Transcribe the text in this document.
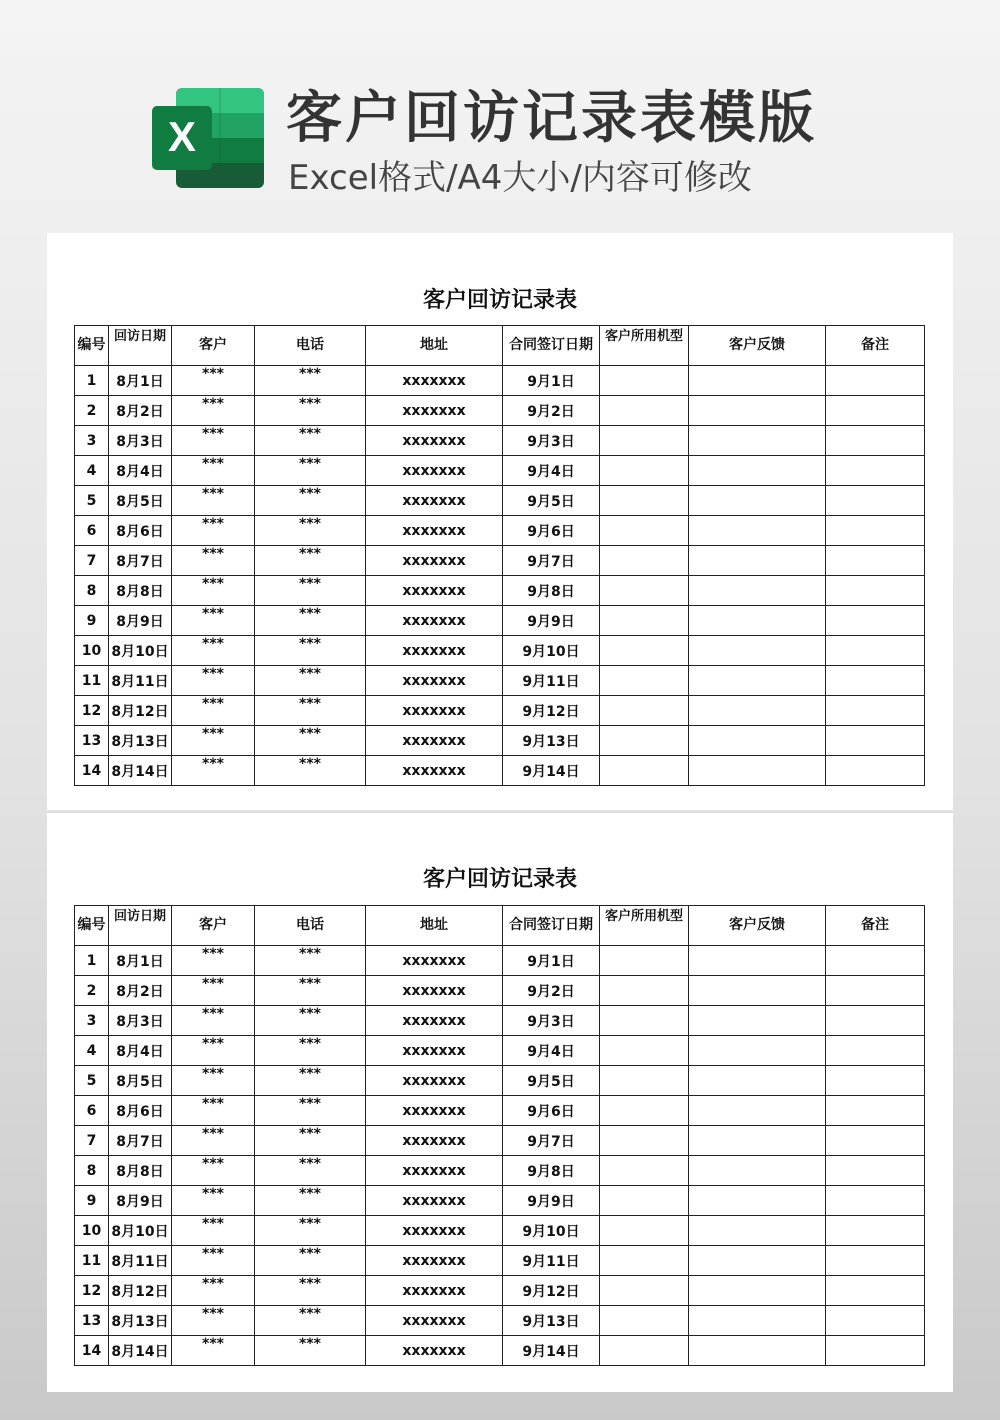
X 客户回访记录表模版
Excel格式/A4大小/内容可修改
客户回访记录表
编号	回访日期	客户	电话	地址	合同签订日期	客户所用机型	客户反馈	备注
1	8月1日	***	***	xxxxxxx	9月1日			
2	8月2日	***	***	xxxxxxx	9月2日			
3	8月3日	***	***	xxxxxxx	9月3日			
4	8月4日	***	***	xxxxxxx	9月4日			
5	8月5日	***	***	xxxxxxx	9月5日			
6	8月6日	***	***	xxxxxxx	9月6日			
7	8月7日	***	***	xxxxxxx	9月7日			
8	8月8日	***	***	xxxxxxx	9月8日			
9	8月9日	***	***	xxxxxxx	9月9日			
10	8月10日	***	***	xxxxxxx	9月10日			
11	8月11日	***	***	xxxxxxx	9月11日			
12	8月12日	***	***	xxxxxxx	9月12日			
13	8月13日	***	***	xxxxxxx	9月13日			
14	8月14日	***	***	xxxxxxx	9月14日			
客户回访记录表
编号	回访日期	客户	电话	地址	合同签订日期	客户所用机型	客户反馈	备注
1	8月1日	***	***	xxxxxxx	9月1日			
2	8月2日	***	***	xxxxxxx	9月2日			
3	8月3日	***	***	xxxxxxx	9月3日			
4	8月4日	***	***	xxxxxxx	9月4日			
5	8月5日	***	***	xxxxxxx	9月5日			
6	8月6日	***	***	xxxxxxx	9月6日			
7	8月7日	***	***	xxxxxxx	9月7日			
8	8月8日	***	***	xxxxxxx	9月8日			
9	8月9日	***	***	xxxxxxx	9月9日			
10	8月10日	***	***	xxxxxxx	9月10日			
11	8月11日	***	***	xxxxxxx	9月11日			
12	8月12日	***	***	xxxxxxx	9月12日			
13	8月13日	***	***	xxxxxxx	9月13日			
14	8月14日	***	***	xxxxxxx	9月14日			
